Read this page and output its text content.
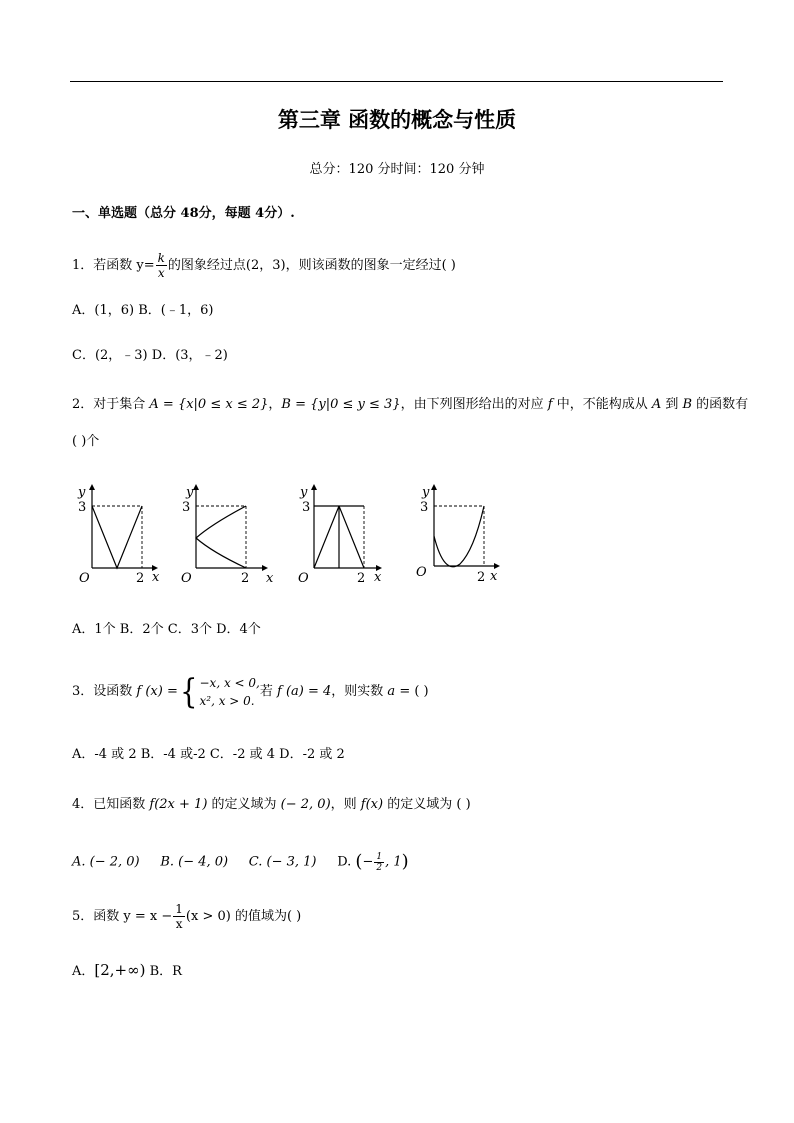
第三章 函数的概念与性质
总分：120 分时间：120 分钟
一、单选题（总分 48分，每题 4分）.
1．若函数 $y= \frac{k}{x}$ 的图象经过点(2，3)，则该函数的图象一定经过( )
A．(1，6) B．(﹣1，6)
C．(2，﹣3) D．(3，﹣2)
2．对于集合 A = {x|0 ≤ x ≤ 2}，B = {y|0 ≤ y ≤ 3}，由下列图形给出的对应 f 中，不能构成从 A 到 B 的函数有
( )个
y
3
O	2 x
y
3
O	2 x
y
3
O	2 x
y
3
O	2 x
A．1个 B．2个 C．3个 D．4个
3．设函数 f (x) ={ −x, x < 0,
x², x > 0.
若 f (a) = 4，则实数 a = ( )
A．-4 或 2 B．-4 或-2 C．-2 或 4 D．-2 或 2
4．已知函数 f(2x + 1) 的定义域为 (− 2, 0)，则 f(x) 的定义域为 ( )
A. (− 2, 0) B. (− 4, 0) C. (− 3, 1) D. (− $\frac{1}{2}$ , 1)
5．函数 $y = x - \frac{1}{x} (x > 0)$ 的值域为( )
A．[2,+∞) B．R
